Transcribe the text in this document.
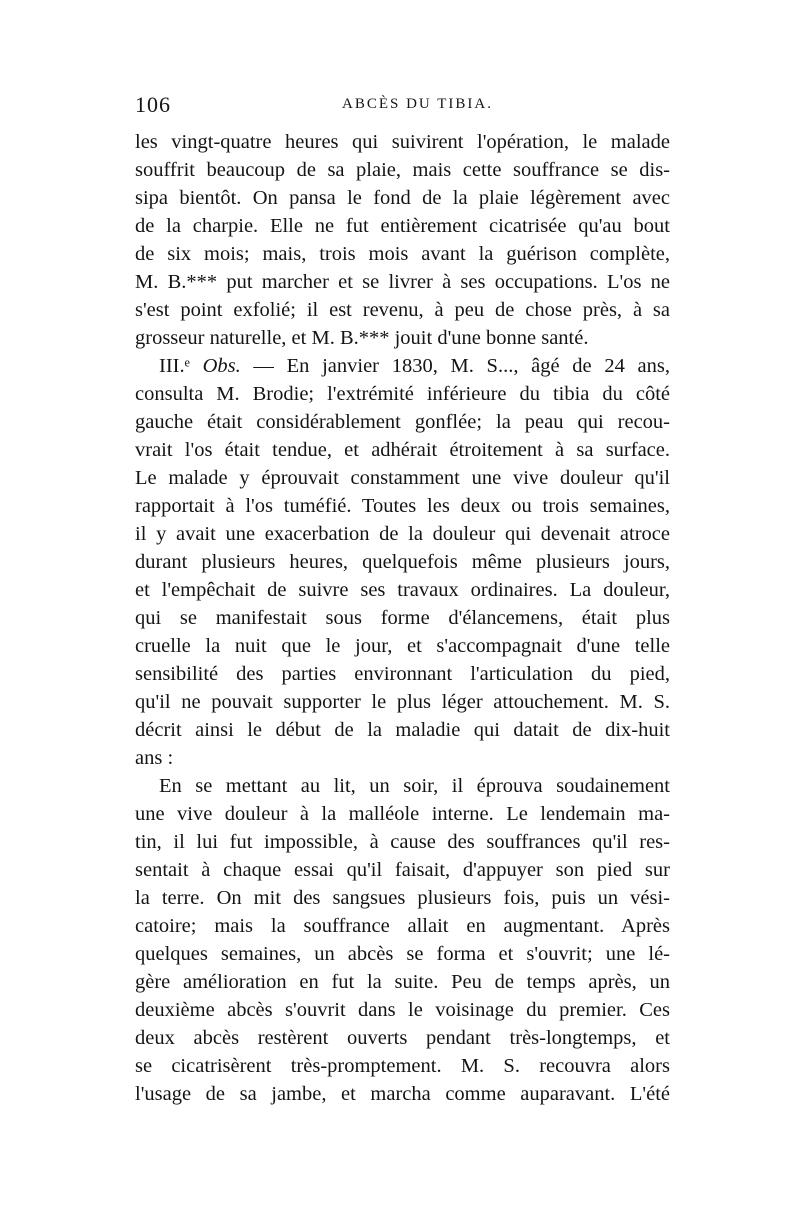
106	ABCÈS DU TIBIA.
les vingt-quatre heures qui suivirent l'opération, le malade
souffrit beaucoup de sa plaie, mais cette souffrance se dis-
sipa bientôt. On pansa le fond de la plaie légèrement avec
de la charpie. Elle ne fut entièrement cicatrisée qu'au bout
de six mois; mais, trois mois avant la guérison complète,
M. B.*** put marcher et se livrer à ses occupations. L'os ne
s'est point exfolié; il est revenu, à peu de chose près, à sa
grosseur naturelle, et M. B.*** jouit d'une bonne santé.
III.ᵉ Obs. — En janvier 1830, M. S..., âgé de 24 ans,
consulta M. Brodie; l'extrémité inférieure du tibia du côté
gauche était considérablement gonflée; la peau qui recou-
vrait l'os était tendue, et adhérait étroitement à sa surface.
Le malade y éprouvait constamment une vive douleur qu'il
rapportait à l'os tuméfié. Toutes les deux ou trois semaines,
il y avait une exacerbation de la douleur qui devenait atroce
durant plusieurs heures, quelquefois même plusieurs jours,
et l'empêchait de suivre ses travaux ordinaires. La douleur,
qui se manifestait sous forme d'élancemens, était plus
cruelle la nuit que le jour, et s'accompagnait d'une telle
sensibilité des parties environnant l'articulation du pied,
qu'il ne pouvait supporter le plus léger attouchement. M. S.
décrit ainsi le début de la maladie qui datait de dix-huit
ans :
En se mettant au lit, un soir, il éprouva soudainement
une vive douleur à la malléole interne. Le lendemain ma-
tin, il lui fut impossible, à cause des souffrances qu'il res-
sentait à chaque essai qu'il faisait, d'appuyer son pied sur
la terre. On mit des sangsues plusieurs fois, puis un vési-
catoire; mais la souffrance allait en augmentant. Après
quelques semaines, un abcès se forma et s'ouvrit; une lé-
gère amélioration en fut la suite. Peu de temps après, un
deuxième abcès s'ouvrit dans le voisinage du premier. Ces
deux abcès restèrent ouverts pendant très-longtemps, et
se cicatrisèrent très-promptement. M. S. recouvra alors
l'usage de sa jambe, et marcha comme auparavant. L'été
